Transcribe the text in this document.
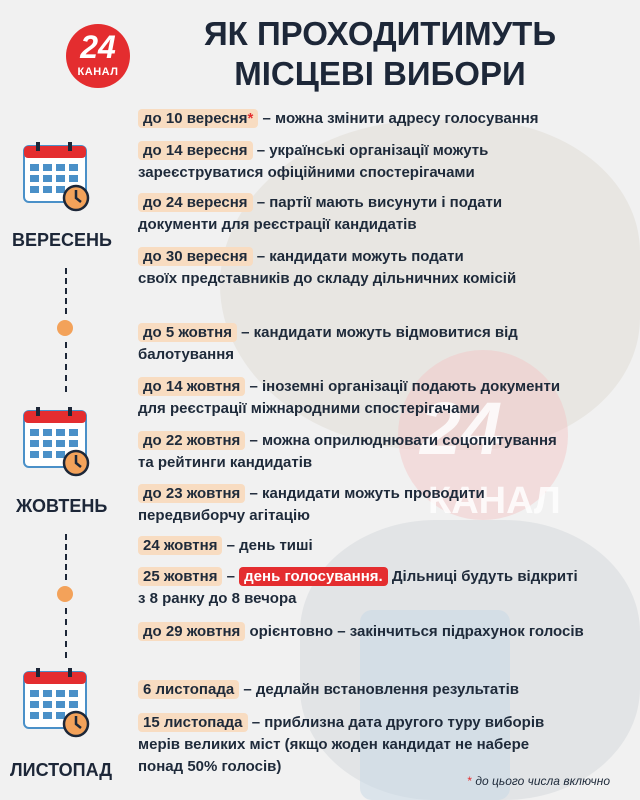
24
КАНАЛ
24
КАНАЛ
ЯК ПРОХОДИТИМУТЬ
МІСЦЕВІ ВИБОРИ
ВЕРЕСЕНЬ
ЖОВТЕНЬ
ЛИСТОПАД
до 10 вересня* – можна змінити адресу голосування
до 14 вересня – українські організації можуть
зареєструватися офіційними спостерігачами
до 24 вересня – партії мають висунути і подати
документи для реєстрації кандидатів
до 30 вересня – кандидати можуть подати
своїх представників до складу дільничних комісій
до 5 жовтня – кандидати можуть відмовитися від
балотування
до 14 жовтня – іноземні організації подають документи
для реєстрації міжнародними спостерігачами
до 22 жовтня – можна оприлюднювати соцопитування
та рейтинги кандидатів
до 23 жовтня – кандидати можуть проводити
передвиборчу агітацію
24 жовтня – день тиші
25 жовтня – день голосування. Дільниці будуть відкриті
з 8 ранку до 8 вечора
до 29 жовтня орієнтовно – закінчиться підрахунок голосів
6 листопада – дедлайн встановлення результатів
15 листопада – приблизна дата другого туру виборів
мерів великих міст (якщо жоден кандидат не набере
понад 50% голосів)
* до цього числа включно
